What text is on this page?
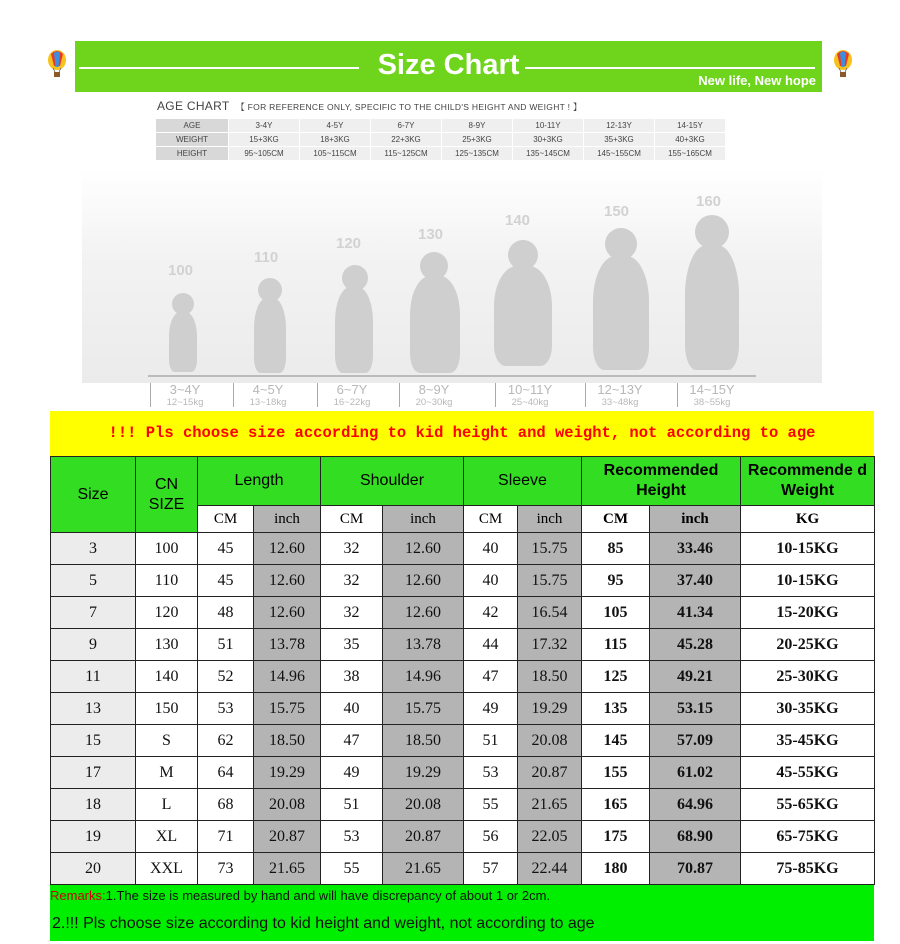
Size Chart	New life, New hope
AGE CHART 【 FOR REFERENCE ONLY, SPECIFIC TO THE CHILD'S HEIGHT AND WEIGHT ! 】
AGE	3-4Y	4-5Y	6-7Y	8-9Y	10-11Y	12-13Y	14-15Y
WEIGHT	15+3KG	18+3KG	22+3KG	25+3KG	30+3KG	35+3KG	40+3KG
HEIGHT	95~105CM	105~115CM	115~125CM	125~135CM	135~145CM	145~155CM	155~165CM
100
110
120
130
140
150
160
3~4Y
12~15kg
4~5Y
13~18kg
6~7Y
16~22kg
8~9Y
20~30kg
10~11Y
25~40kg
12~13Y
33~48kg
14~15Y
38~55kg
!!! Pls choose size according to kid height and weight, not according to age
Size	CN SIZE	Length		Shoulder		Sleeve		Recommended Height		Recommende d Weight
		CM	inch	CM	inch	CM	inch	CM	inch	KG
3	100	45	12.60	32	12.60	40	15.75	85	33.46	10-15KG
5	110	45	12.60	32	12.60	40	15.75	95	37.40	10-15KG
7	120	48	12.60	32	12.60	42	16.54	105	41.34	15-20KG
9	130	51	13.78	35	13.78	44	17.32	115	45.28	20-25KG
11	140	52	14.96	38	14.96	47	18.50	125	49.21	25-30KG
13	150	53	15.75	40	15.75	49	19.29	135	53.15	30-35KG
15	S	62	18.50	47	18.50	51	20.08	145	57.09	35-45KG
17	M	64	19.29	49	19.29	53	20.87	155	61.02	45-55KG
18	L	68	20.08	51	20.08	55	21.65	165	64.96	55-65KG
19	XL	71	20.87	53	20.87	56	22.05	175	68.90	65-75KG
20	XXL	73	21.65	55	21.65	57	22.44	180	70.87	75-85KG
Remarks:1.The size is measured by hand and will have discrepancy of about 1 or 2cm.
2.!!! Pls choose size according to kid height and weight, not according to age
